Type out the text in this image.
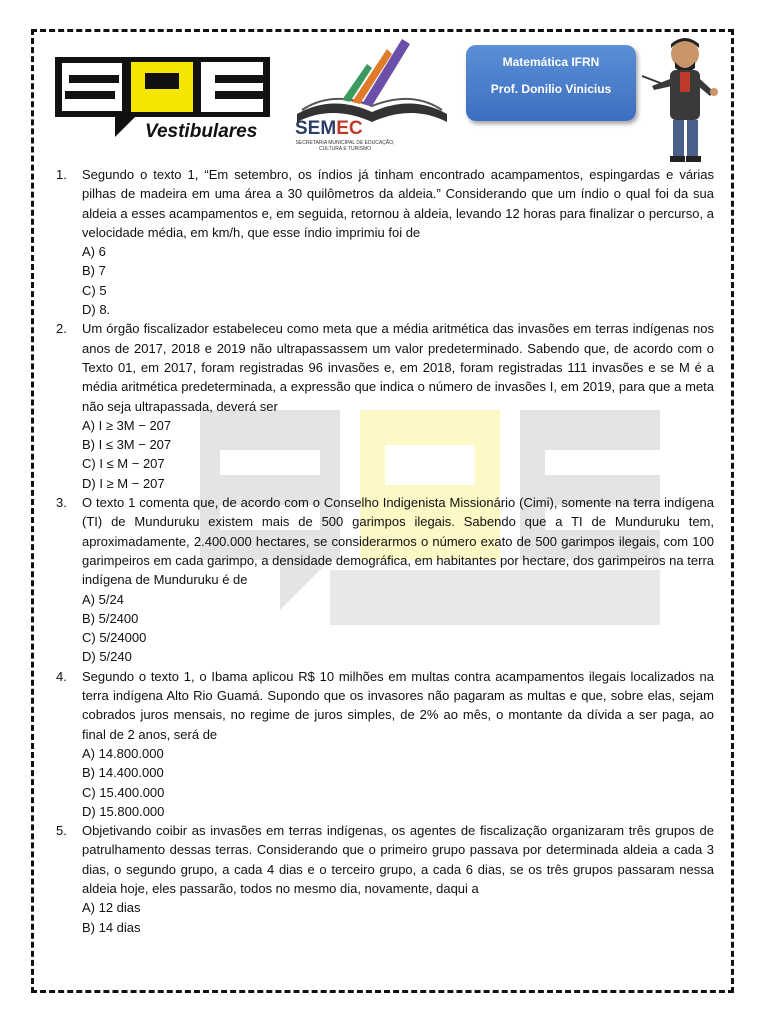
Vestibulares SEMEC
SECRETARIA MUNICIPAL DE EDUCAÇÃO, CULTURA E TURISMO
Matemática IFRN
Prof. Donilio Vinicius
1. Segundo o texto 1, “Em setembro, os índios já tinham encontrado acampamentos, espingardas e várias pilhas de madeira em uma área a 30 quilômetros da aldeia.” Considerando que um índio o qual foi da sua aldeia a esses acampamentos e, em seguida, retornou à aldeia, levando 12 horas para finalizar o percurso, a velocidade média, em km/h, que esse índio imprimiu foi de
A) 6
B) 7
C) 5
D) 8.
2. Um órgão fiscalizador estabeleceu como meta que a média aritmética das invasões em terras indígenas nos anos de 2017, 2018 e 2019 não ultrapassassem um valor predeterminado. Sabendo que, de acordo com o Texto 01, em 2017, foram registradas 96 invasões e, em 2018, foram registradas 111 invasões e se M é a média aritmética predeterminada, a expressão que indica o número de invasões I, em 2019, para que a meta não seja ultrapassada, deverá ser
A) I ≥ 3M − 207
B) I ≤ 3M − 207
C) I ≤ M − 207
D) I ≥ M − 207
3. O texto 1 comenta que, de acordo com o Conselho Indigenista Missionário (Cimi), somente na terra indígena (TI) de Munduruku existem mais de 500 garimpos ilegais. Sabendo que a TI de Munduruku tem, aproximadamente, 2.400.000 hectares, se considerarmos o número exato de 500 garimpos ilegais, com 100 garimpeiros em cada garimpo, a densidade demográfica, em habitantes por hectare, dos garimpeiros na terra indígena de Munduruku é de
A) 5/24
B) 5/2400
C) 5/24000
D) 5/240
4. Segundo o texto 1, o Ibama aplicou R$ 10 milhões em multas contra acampamentos ilegais localizados na terra indígena Alto Rio Guamá. Supondo que os invasores não pagaram as multas e que, sobre elas, sejam cobrados juros mensais, no regime de juros simples, de 2% ao mês, o montante da dívida a ser paga, ao final de 2 anos, será de
A) 14.800.000
B) 14.400.000
C) 15.400.000
D) 15.800.000
5. Objetivando coibir as invasões em terras indígenas, os agentes de fiscalização organizaram três grupos de patrulhamento dessas terras. Considerando que o primeiro grupo passava por determinada aldeia a cada 3 dias, o segundo grupo, a cada 4 dias e o terceiro grupo, a cada 6 dias, se os três grupos passaram nessa aldeia hoje, eles passarão, todos no mesmo dia, novamente, daqui a
A) 12 dias
B) 14 dias
